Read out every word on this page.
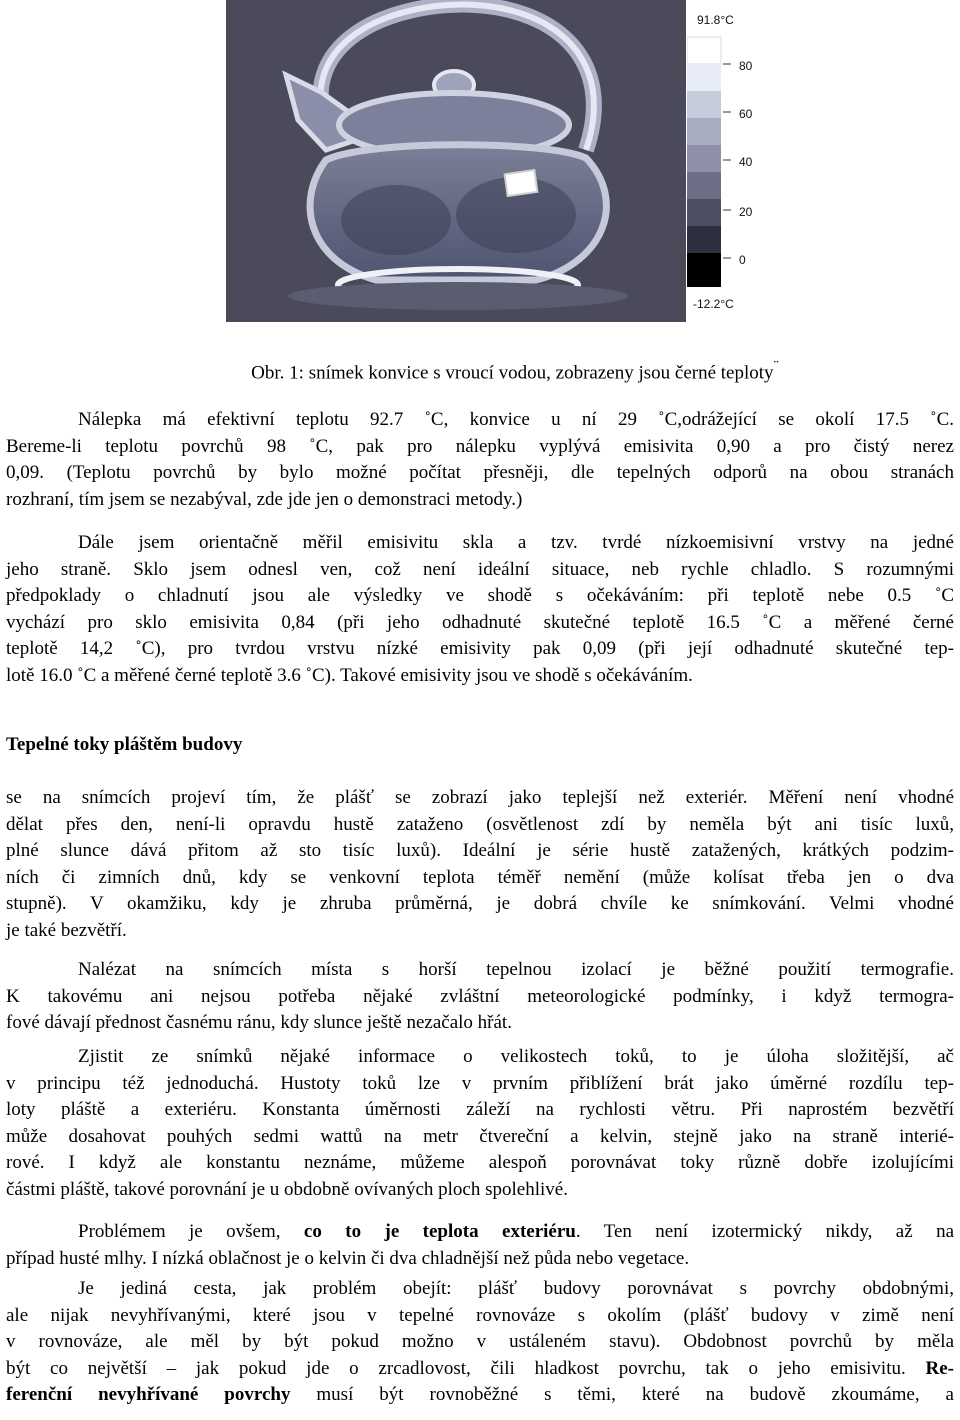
91.8°C
80
60
40
20
0
-12.2°C
Obr. 1: snímek konvice s vroucí vodou, zobrazeny jsou černé teploty¨

Nálepka má efektivní teplotu 92.7 ˚C, konvice u ní 29 ˚C,odrážející se okolí 17.5 ˚C.
Bereme-li teplotu povrchů 98 ˚C, pak pro nálepku vyplývá emisivita 0,90 a pro čistý nerez
0,09. (Teplotu povrchů by bylo možné počítat přesněji, dle tepelných odporů na obou stranách
rozhraní, tím jsem se nezabýval, zde jde jen o demonstraci metody.)

Dále jsem orientačně měřil emisivitu skla a tzv. tvrdé nízkoemisivní vrstvy na jedné
jeho straně. Sklo jsem odnesl ven, což není ideální situace, neb rychle chladlo. S rozumnými
předpoklady o chladnutí jsou ale výsledky ve shodě s očekáváním: při teplotě nebe 0.5 ˚C
vychází pro sklo emisivita 0,84 (při jeho odhadnuté skutečné teplotě 16.5 ˚C a měřené černé
teplotě 14,2 ˚C), pro tvrdou vrstvu nízké emisivity pak 0,09 (při její odhadnuté skutečné tep-
lotě 16.0 ˚C a měřené černé teplotě 3.6 ˚C). Takové emisivity jsou ve shodě s očekáváním.

Tepelné toky pláštěm budovy

se na snímcích projeví tím, že plášť se zobrazí jako teplejší než exteriér. Měření není vhodné
dělat přes den, není-li opravdu hustě zataženo (osvětlenost zdí by neměla být ani tisíc luxů,
plné slunce dává přitom až sto tisíc luxů). Ideální je série hustě zatažených, krátkých podzim-
ních či zimních dnů, kdy se venkovní teplota téměř nemění (může kolísat třeba jen o dva
stupně). V okamžiku, kdy je zhruba průměrná, je dobrá chvíle ke snímkování. Velmi vhodné
je také bezvětří.

Nalézat na snímcích místa s horší tepelnou izolací je běžné použití termografie.
K takovému ani nejsou potřeba nějaké zvláštní meteorologické podmínky, i když termogra-
fové dávají přednost časnému ránu, kdy slunce ještě nezačalo hřát.

Zjistit ze snímků nějaké informace o velikostech toků, to je úloha složitější, ač
v principu též jednoduchá. Hustoty toků lze v prvním přiblížení brát jako úměrné rozdílu tep-
loty pláště a exteriéru. Konstanta úměrnosti záleží na rychlosti větru. Při naprostém bezvětří
může dosahovat pouhých sedmi wattů na metr čtvereční a kelvin, stejně jako na straně interié-
rové. I když ale konstantu neznáme, můžeme alespoň porovnávat toky různě dobře izolujícími
částmi pláště, takové porovnání je u obdobně ovívaných ploch spolehlivé.

Problémem je ovšem, co to je teplota exteriéru. Ten není izotermický nikdy, až na
případ husté mlhy. I nízká oblačnost je o kelvin či dva chladnější než půda nebo vegetace.

Je jediná cesta, jak problém obejít: plášť budovy porovnávat s povrchy obdobnými,
ale nijak nevyhřívanými, které jsou v tepelné rovnováze s okolím (plášť budovy v zimě není
v rovnováze, ale měl by být pokud možno v ustáleném stavu). Obdobnost povrchů by měla
být co největší – jak pokud jde o zrcadlovost, čili hladkost povrchu, tak o jeho emisivitu. Re-
ferenční nevyhřívané povrchy musí být rovnoběžné s těmi, které na budově zkoumáme, a
